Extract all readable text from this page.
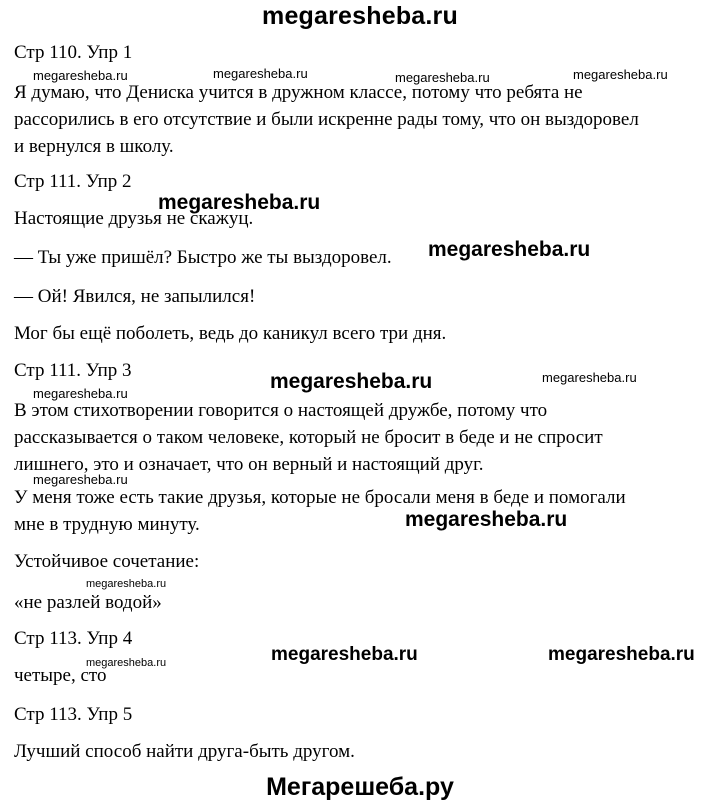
megaresheba.ru
Стр 110. Упр 1
megaresheba.ru	megaresheba.ru	megaresheba.ru	megaresheba.ru
Я думаю, что Дениска учится в дружном классе, потому что ребята не
рассорились в его отсутствие и были искренне рады тому, что он выздоровел
и вернулся в школу.
Стр 111. Упр 2
megaresheba.ru
Настоящие друзья не скажуц.
— Ты уже пришёл? Быстро же ты выздоровел. megaresheba.ru
— Ой! Явился, не запылился!
Мог бы ещё поболеть, ведь до каникул всего три дня.
Стр 111. Упр 3
megaresheba.ru
megaresheba.ru	megaresheba.ru
В этом стихотворении говорится о настоящей дружбе, потому что
рассказывается о таком человеке, который не бросит в беде и не спросит
лишнего, это и означает, что он верный и настоящий друг.
megaresheba.ru
У меня тоже есть такие друзья, которые не бросали меня в беде и помогали
мне в трудную минуту.	megaresheba.ru
Устойчивое сочетание:
megaresheba.ru
«не разлей водой»
Стр 113. Упр 4
megaresheba.ru	megaresheba.ru
megaresheba.ru
четыре, сто
Стр 113. Упр 5
Лучший способ найти друга-быть другом.
Мегарешеба.ру
